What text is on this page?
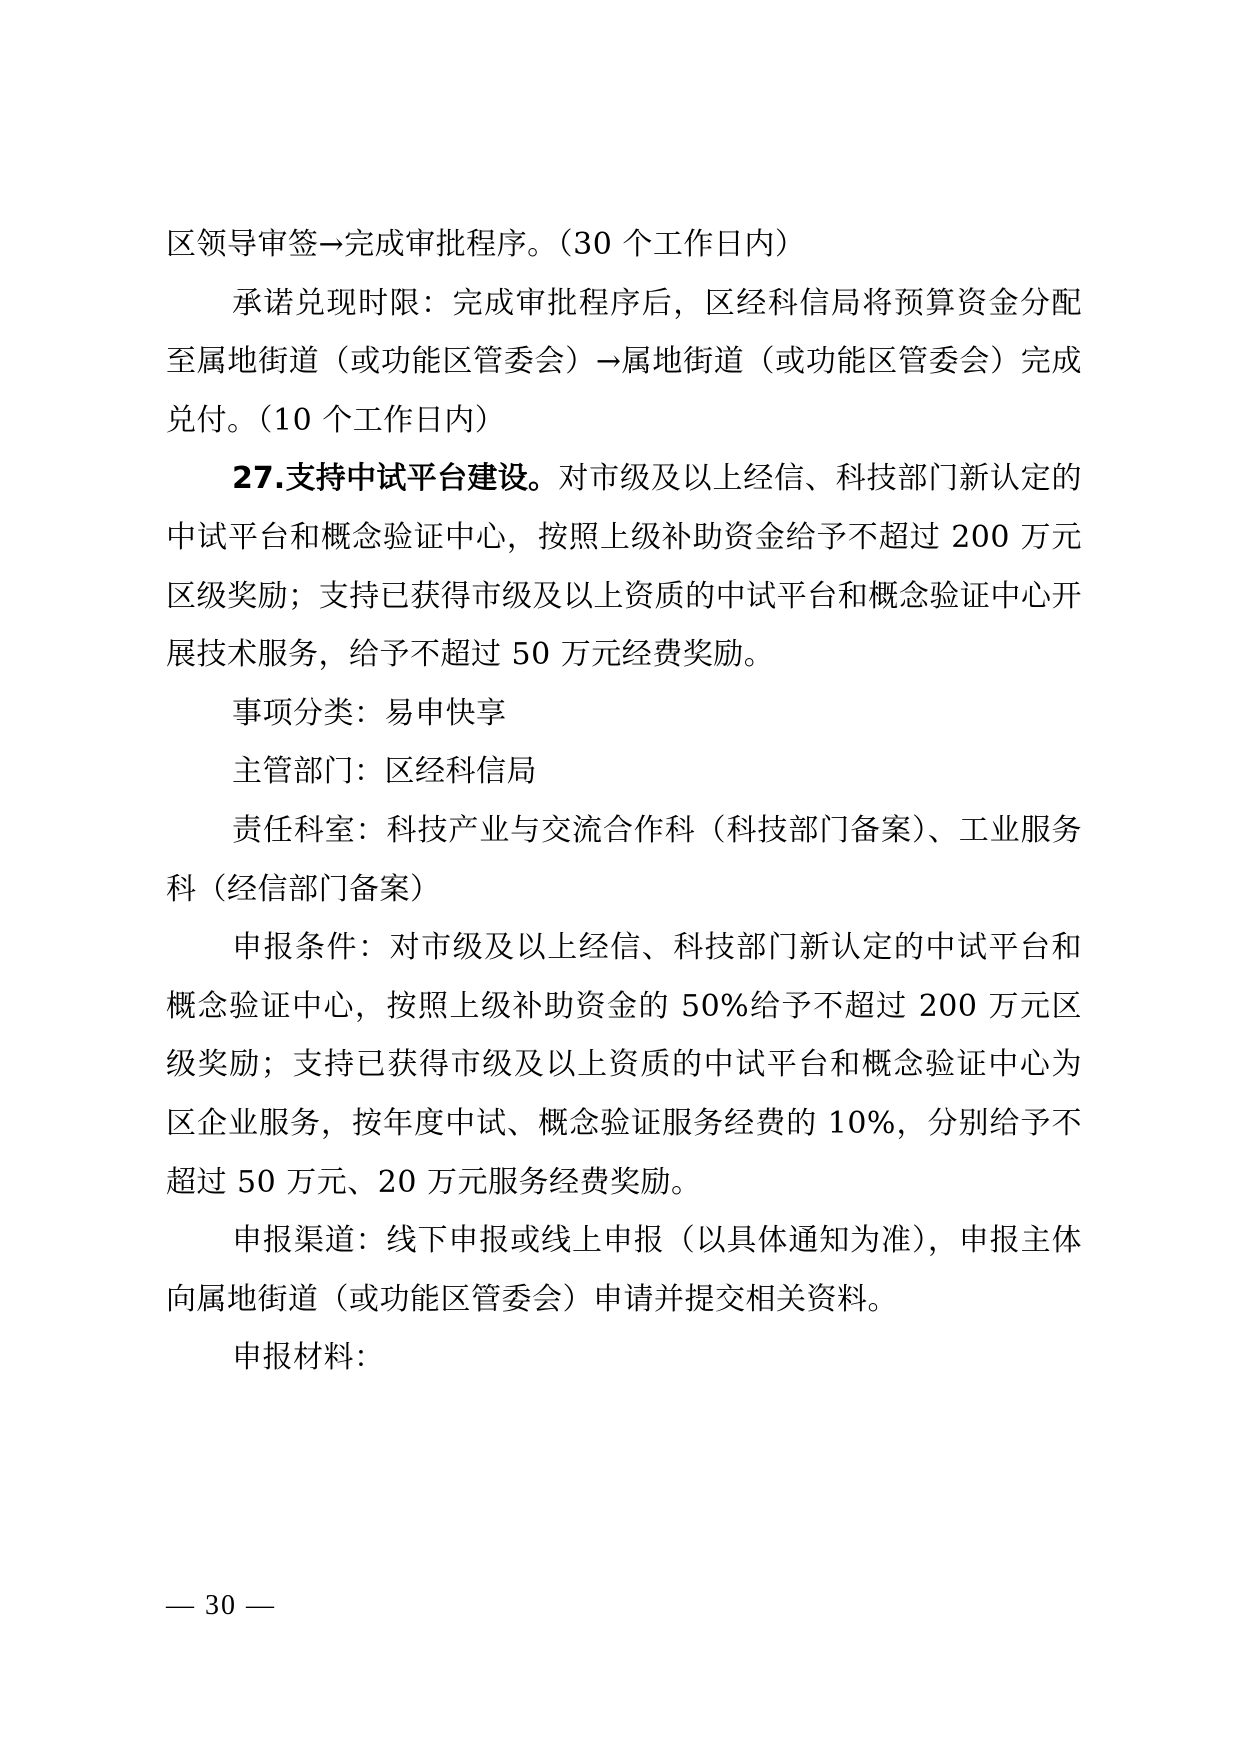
区领导审签→完成审批程序。（30 个工作日内）

承诺兑现时限：完成审批程序后，区经科信局将预算资金分配至属地街道（或功能区管委会）→属地街道（或功能区管委会）完成兑付。（10 个工作日内）

27.支持中试平台建设。对市级及以上经信、科技部门新认定的中试平台和概念验证中心，按照上级补助资金给予不超过 200 万元区级奖励；支持已获得市级及以上资质的中试平台和概念验证中心开展技术服务，给予不超过 50 万元经费奖励。

事项分类：易申快享

主管部门：区经科信局

责任科室：科技产业与交流合作科（科技部门备案）、工业服务科（经信部门备案）

申报条件：对市级及以上经信、科技部门新认定的中试平台和概念验证中心，按照上级补助资金的 50%给予不超过 200 万元区级奖励；支持已获得市级及以上资质的中试平台和概念验证中心为　区企业服务，按年度中试、概念验证服务经费的 10%，分别给予不超过 50 万元、20 万元服务经费奖励。

申报渠道：线下申报或线上申报（以具体通知为准），申报主体向属地街道（或功能区管委会）申请并提交相关资料。

申报材料：

— 30 —
